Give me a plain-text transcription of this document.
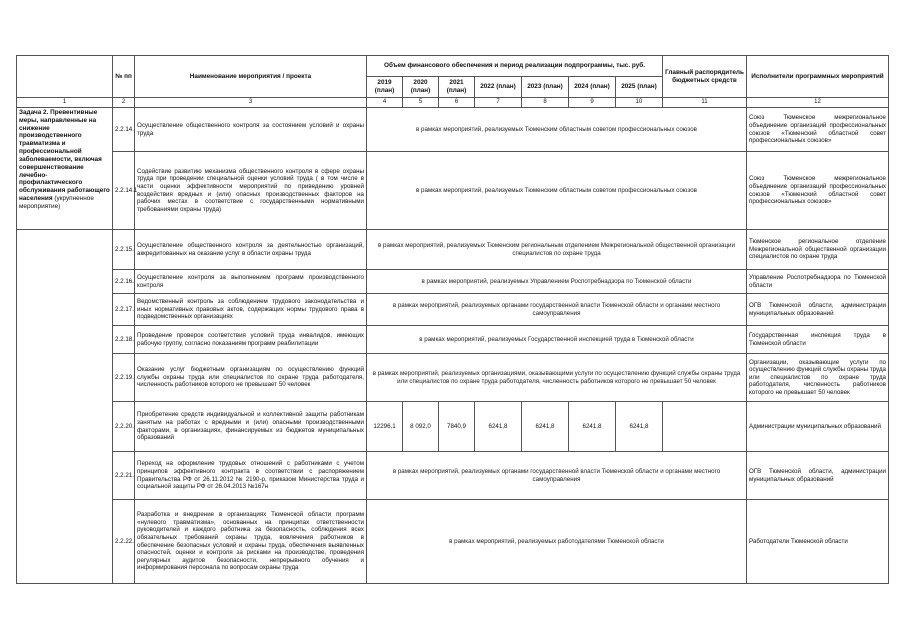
	№ пп	Наименование мероприятия / проекта	Объем финансового обеспечения и период реализации подпрограммы, тыс. руб.							Главный распорядитель бюджетных средств	Исполнители программных мероприятий
			2019 (план)	2020 (план)	2021 (план)	2022 (план)	2023 (план)	2024 (план)	2025 (план)		
1	2	3	4	5	6	7	8	9	10	11	12
Задача 2. Превентивные меры, направленные на снижение производственного травматизма и профессиональной заболеваемости, включая совершенствование лечебно-профилактического обслуживания работающего населения (укрупненное мероприятие)	2.2.14.	Осуществление общественного контроля за состоянием условий и охраны труда	в рамках мероприятий, реализуемых Тюменским областным советом профессиональных союзов								Союз Тюменское межрегиональное объединение организаций профессиональных союзов «Тюменский областной совет профессиональных союзов»
	2.2.14.1	Содействие развитию механизма общественного контроля в сфере охраны труда при проведении специальной оценки условий труда ( в том числе в части оценки эффективности мероприятий по приведению уровней воздействия вредных и (или) опасных производственных факторов на рабочих местах в соответствие с государственными нормативными требованиями охраны труда)	в рамках мероприятий, реализуемых Тюменским областным советом профессиональных союзов								Союз Тюменское межрегиональное объединение организаций профессиональных союзов «Тюменский областной совет профессиональных союзов»
	2.2.15.	Осуществление общественного контроля за деятельностью организаций, аккредитованных на оказание услуг в области охраны труда	в рамках мероприятий, реализуемых Тюменским региональным отделением Межрегиональной общественной организации специалистов по охране труда								Тюменское региональное отделение Межрегиональной общественной организации специалистов по охране труда
	2.2.16.	Осуществление контроля за выполнением программ производственного контроля	в рамках мероприятий, реализуемых Управлением Роспотребнадзора по Тюменской области								Управление Роспотребнадзора по Тюменской области
	2.2.17.	Ведомственный контроль за соблюдением трудового законодательства и иных нормативных правовых актов, содержащих нормы трудового права в подведомственных организациях	в рамках мероприятий, реализуемых органами государственной власти Тюменской области и органами местного самоуправления								ОГВ Тюменской области, администрации муниципальных образований
	2.2.18.	Проведение проверок соответствия условий труда инвалидов, имеющих рабочую группу, согласно показаниям программ реабилитации	в рамках мероприятий, реализуемых Государственной инспекцией труда в Тюменской области								Государственная инспекция труда в Тюменской области
	2.2.19.	Оказание услуг бюджетным организациям по осуществлению функций службы охраны труда или специалистов по охране труда работодателя, численность работников которого не превышает 50 человек	в рамках мероприятий, реализуемых организациями, оказывающими услуги по осуществлению функций службы охраны труда или специалистов по охране труда работодателя, численность работников которого не превышает 50 человек								Организации, оказывающие услуги по осуществлению функций службы охраны труда или специалистов по охране труда работодателя, численность работников которого не превышает 50 человек
	2.2.20.	Приобретение средств индивидуальной и коллективной защиты работникам занятым на работах с вредными и (или) опасными производственными факторами, в организациях, финансируемых из бюджетов муниципальных образований	12296,1	8 092,0	7840,9	6241,8	6241,8	6241,8	6241,8		Администрации муниципальных образований
	2.2.21.	Переход на оформление трудовых отношений с работниками с учетом принципов эффективного контракта в соответствии с распоряжением Правительства РФ от 26.11.2012 № 2190-р, приказом Министерства труда и социальной защиты РФ от 26.04.2013 №167н	в рамках мероприятий, реализуемых органами государственной власти Тюменской области и органами местного самоуправления								ОГВ Тюменской области, администрации муниципальных образований
	2.2.22.	Разработка и внедрение в организациях Тюменской области программ «нулевого травматизма», основанных на принципах ответственности руководителей и каждого работника за безопасность, соблюдения всех обязательных требований охраны труда, вовлечения работников в обеспечение безопасных условий и охраны труда, обеспечения выявленных опасностей, оценки и контроля за рисками на производстве, проведения регулярных аудитов безопасности, непрерывного обучения и информирования персонала по вопросам охраны труда	в рамках мероприятий, реализуемых работодателями Тюменской области								Работодатели Тюменской области
